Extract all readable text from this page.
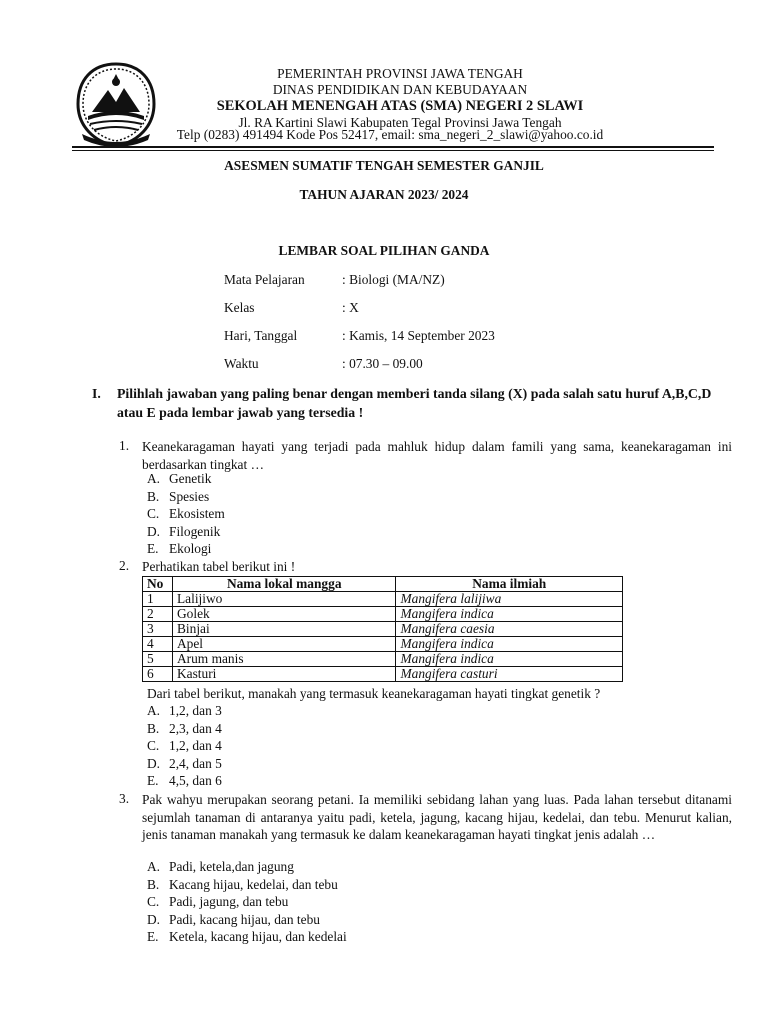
PEMERINTAH PROVINSI JAWA TENGAH
DINAS PENDIDIKAN DAN KEBUDAYAAN
SEKOLAH MENENGAH ATAS (SMA) NEGERI 2 SLAWI
Jl. RA Kartini Slawi Kabupaten Tegal Provinsi Jawa Tengah
Telp (0283) 491494 Kode Pos 52417, email: sma_negeri_2_slawi@yahoo.co.id
ASESMEN SUMATIF TENGAH SEMESTER GANJIL
TAHUN AJARAN 2023/ 2024
LEMBAR SOAL PILIHAN GANDA
Mata Pelajaran	: Biologi (MA/NZ)
Kelas	: X
Hari, Tanggal	: Kamis, 14 September 2023
Waktu	: 07.30 – 09.00
I. Pilihlah jawaban yang paling benar dengan memberi tanda silang (X) pada salah satu huruf A,B,C,D atau E pada lembar jawab yang tersedia !
1. Keanekaragaman hayati yang terjadi pada mahluk hidup dalam famili yang sama, keanekaragaman ini berdasarkan tingkat …
A. Genetik
B. Spesies
C. Ekosistem
D. Filogenik
E. Ekologi
2. Perhatikan tabel berikut ini !
No	Nama lokal mangga	Nama ilmiah
1	Lalijiwo	Mangifera lalijiwa
2	Golek	Mangifera indica
3	Binjai	Mangifera caesia
4	Apel	Mangifera indica
5	Arum manis	Mangifera indica
6	Kasturi	Mangifera casturi
Dari tabel berikut, manakah yang termasuk keanekaragaman hayati tingkat genetik ?
A. 1,2, dan 3
B. 2,3, dan 4
C. 1,2, dan 4
D. 2,4, dan 5
E. 4,5, dan 6
3. Pak wahyu merupakan seorang petani. Ia memiliki sebidang lahan yang luas. Pada lahan tersebut ditanami sejumlah tanaman di antaranya yaitu padi, ketela, jagung, kacang hijau, kedelai, dan tebu. Menurut kalian, jenis tanaman manakah yang termasuk ke dalam keanekaragaman hayati tingkat jenis adalah …
A. Padi, ketela,dan jagung
B. Kacang hijau, kedelai, dan tebu
C. Padi, jagung, dan tebu
D. Padi, kacang hijau, dan tebu
E. Ketela, kacang hijau, dan kedelai
